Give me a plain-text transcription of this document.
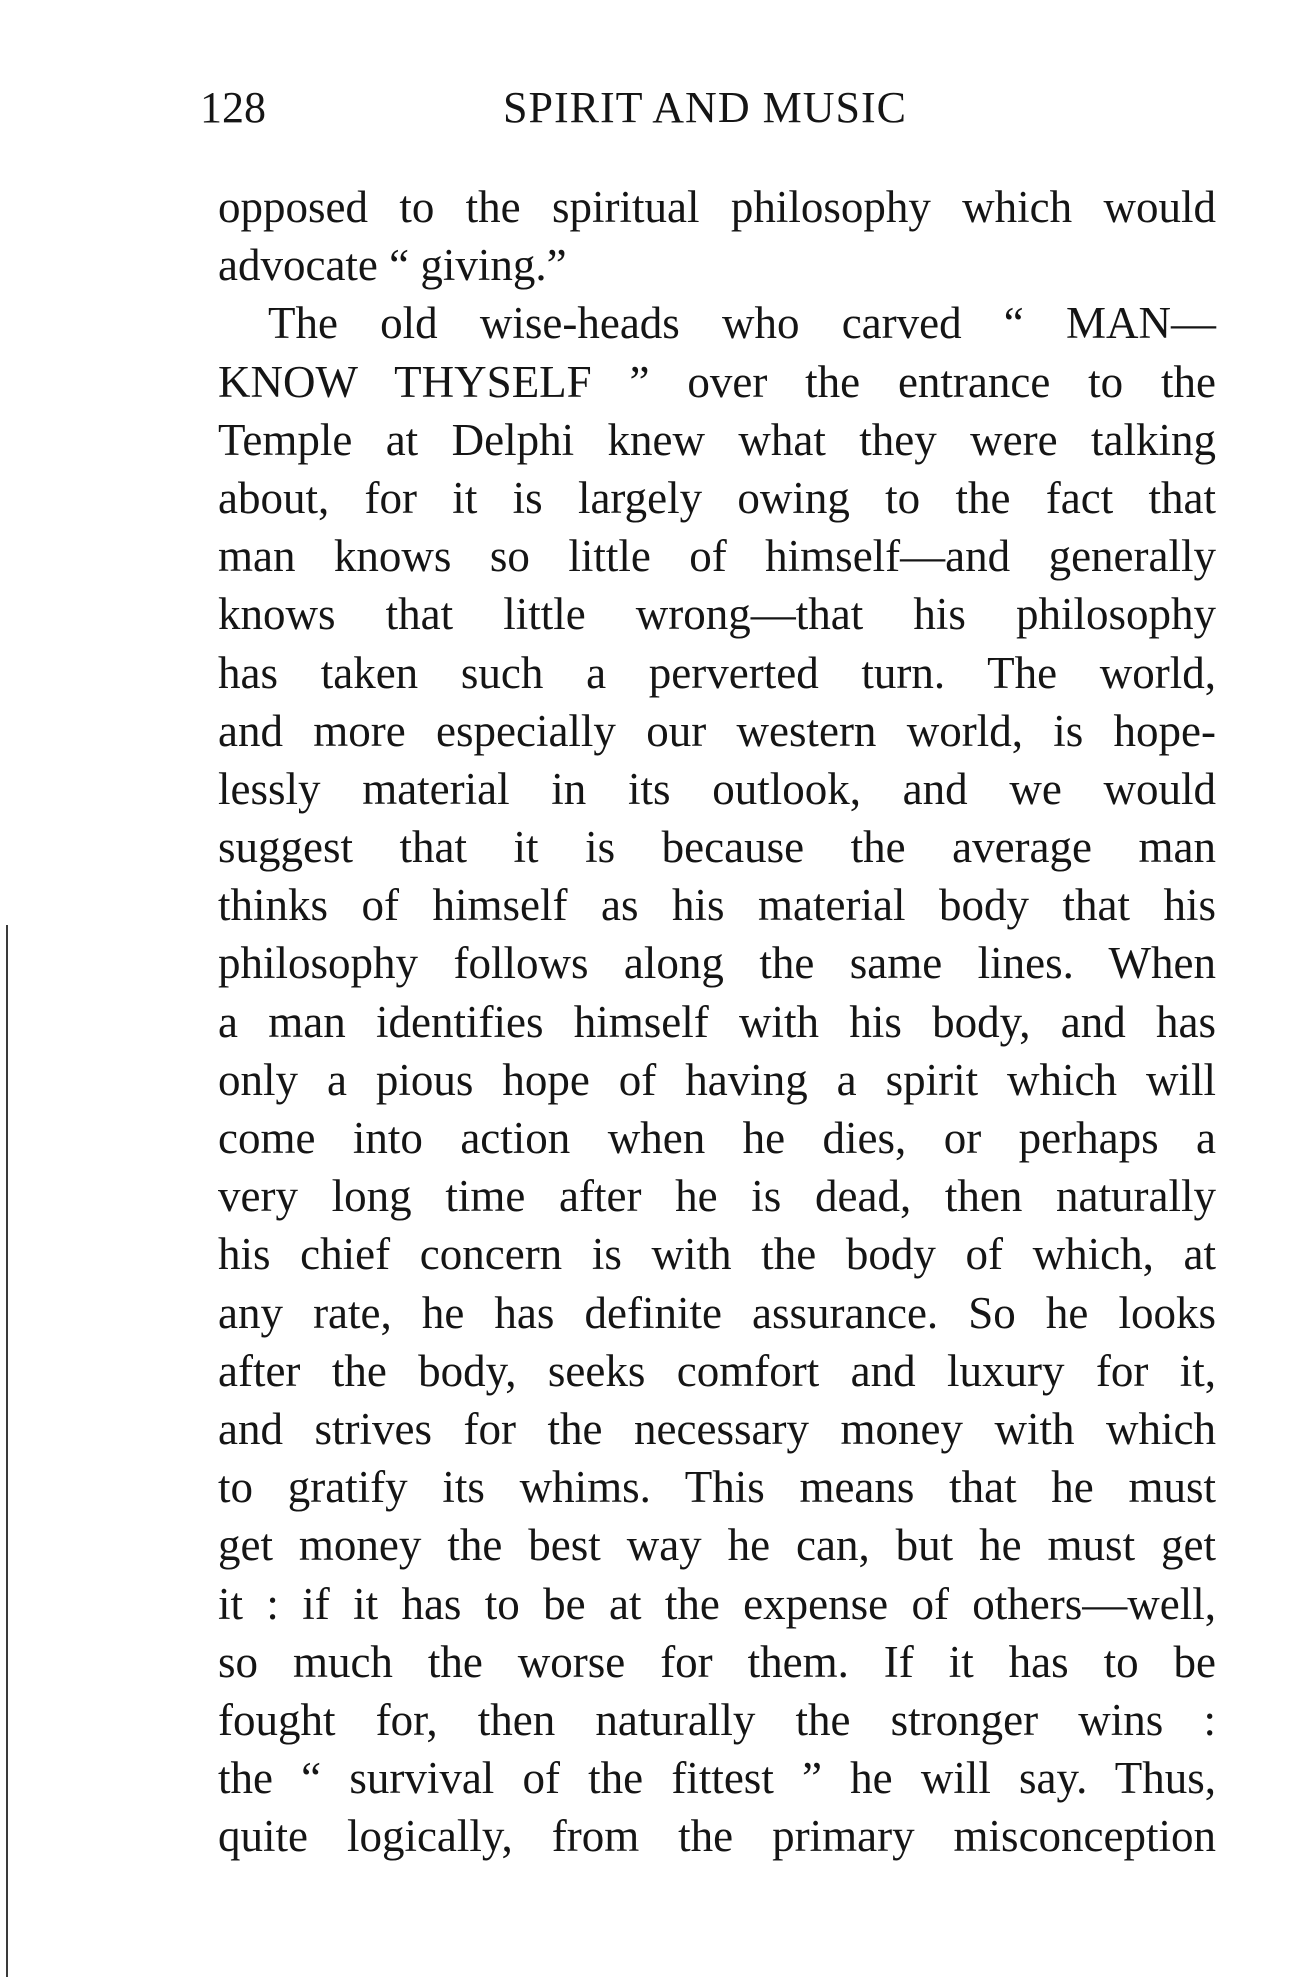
128	SPIRIT AND MUSIC
opposed to the spiritual philosophy which would
advocate “ giving.”
The old wise-heads who carved “ MAN—
KNOW THYSELF ” over the entrance to the
Temple at Delphi knew what they were talking
about, for it is largely owing to the fact that
man knows so little of himself—and generally
knows that little wrong—that his philosophy
has taken such a perverted turn. The world,
and more especially our western world, is hope-
lessly material in its outlook, and we would
suggest that it is because the average man
thinks of himself as his material body that his
philosophy follows along the same lines. When
a man identifies himself with his body, and has
only a pious hope of having a spirit which will
come into action when he dies, or perhaps a
very long time after he is dead, then naturally
his chief concern is with the body of which, at
any rate, he has definite assurance. So he looks
after the body, seeks comfort and luxury for it,
and strives for the necessary money with which
to gratify its whims. This means that he must
get money the best way he can, but he must get
it : if it has to be at the expense of others—well,
so much the worse for them. If it has to be
fought for, then naturally the stronger wins :
the “ survival of the fittest ” he will say. Thus,
quite logically, from the primary misconception
